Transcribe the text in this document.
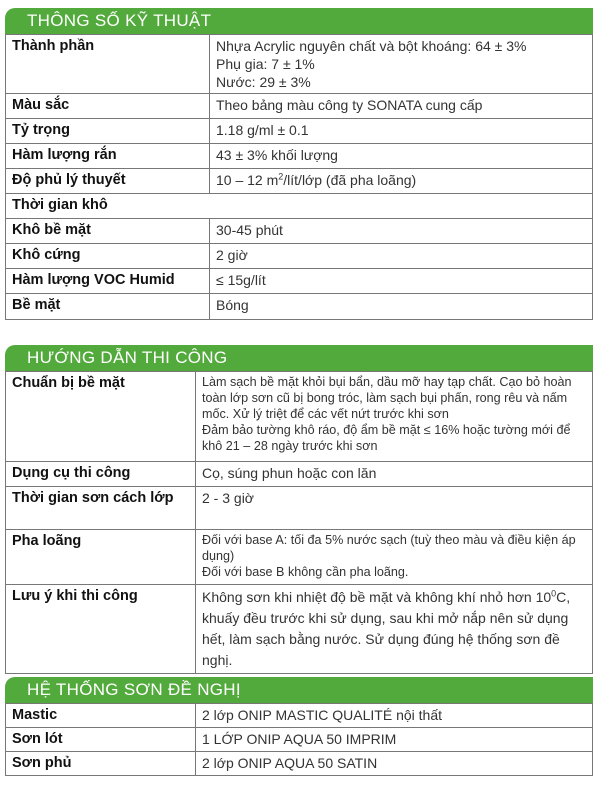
THÔNG SỐ KỸ THUẬT
Thành phần	Nhựa Acrylic nguyên chất và bột khoáng: 64 ± 3%
Phụ gia: 7 ± 1%
Nước: 29 ± 3%

Màu sắc	Theo bảng màu công ty SONATA cung cấp
Tỷ trọng	1.18 g/ml ± 0.1
Hàm lượng rắn	43 ± 3% khối lượng
Độ phủ lý thuyết	10 – 12 $m^2/lít$/lớp (đã pha loãng)
Thời gian khô	
Khô bề mặt	30-45 phút
Khô cứng	2 giờ
Hàm lượng VOC Humid	≤ 15g/lít
Bề mặt	Bóng
HƯỚNG DẪN THI CÔNG
Chuẩn bị bề mặt	Làm sạch bề mặt khỏi bụi bẩn, dầu mỡ hay tạp chất. Cạo bỏ hoàn toàn lớp sơn cũ bị bong tróc, làm sạch bụi phấn, rong rêu và nấm mốc. Xử lý triệt để các vết nứt trước khi sơn
Đảm bảo tường khô ráo, độ ẩm bề mặt ≤ 16% hoặc tường mới để khô 21 – 28 ngày trước khi sơn

Dụng cụ thi công	Cọ, súng phun hoặc con lăn
Thời gian sơn cách lớp	2 - 3 giờ
Pha loãng	Đối với base A: tối đa 5% nước sạch (tuỳ theo màu và điều kiện áp dụng)
Đối với base B không cần pha loãng.

Lưu ý khi thi công	Không sơn khi nhiệt độ bề mặt và không khí nhỏ hơn $10^0C$, khuấy đều trước khi sử dụng, sau khi mở nắp nên sử dụng hết, làm sạch bằng nước. Sử dụng đúng hệ thống sơn đề nghị.
HỆ THỐNG SƠN ĐỀ NGHỊ
Mastic	2 lớp ONIP MASTIC QUALITÉ nội thất
Sơn lót	1 LỚP ONIP AQUA 50 IMPRIM
Sơn phủ	2 lớp ONIP AQUA 50 SATIN
